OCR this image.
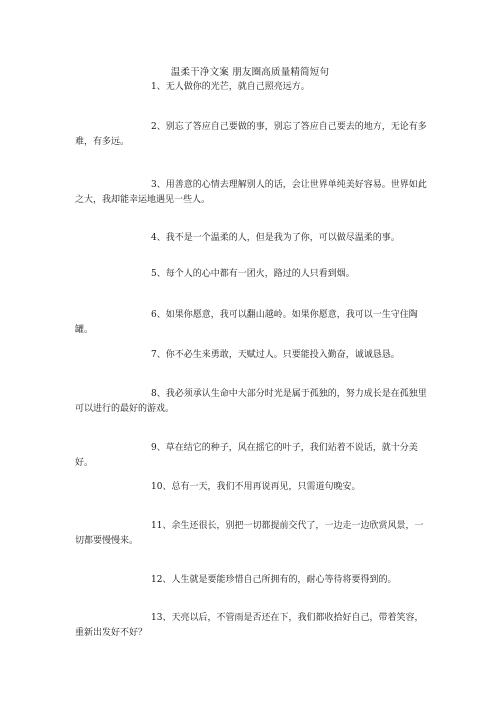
温柔干净文案 朋友圈高质量精简短句

1、无人做你的光芒，就自己照亮远方。

2、别忘了答应自己要做的事，别忘了答应自己要去的地方，无论有多难，有多远。

3、用善意的心情去理解别人的话，会让世界单纯美好容易。世界如此之大，我却能幸运地遇见一些人。

4、我不是一个温柔的人，但是我为了你，可以做尽温柔的事。

5、每个人的心中都有一团火，路过的人只看到烟。

6、如果你愿意，我可以翻山越岭。如果你愿意，我可以一生守住陶罐。

7、你不必生来勇敢，天赋过人。只要能投入勤奋，诚诚恳恳。

8、我必须承认生命中大部分时光是属于孤独的，努力成长是在孤独里可以进行的最好的游戏。

9、草在结它的种子，风在摇它的叶子，我们站着不说话，就十分美好。

10、总有一天，我们不用再说再见，只需道句晚安。

11、余生还很长，别把一切都提前交代了，一边走一边欣赏风景，一切都要慢慢来。

12、人生就是要能珍惜自己所拥有的，耐心等待将要得到的。

13、天亮以后，不管雨是否还在下，我们都收拾好自己，带着笑容，重新出发好不好？
